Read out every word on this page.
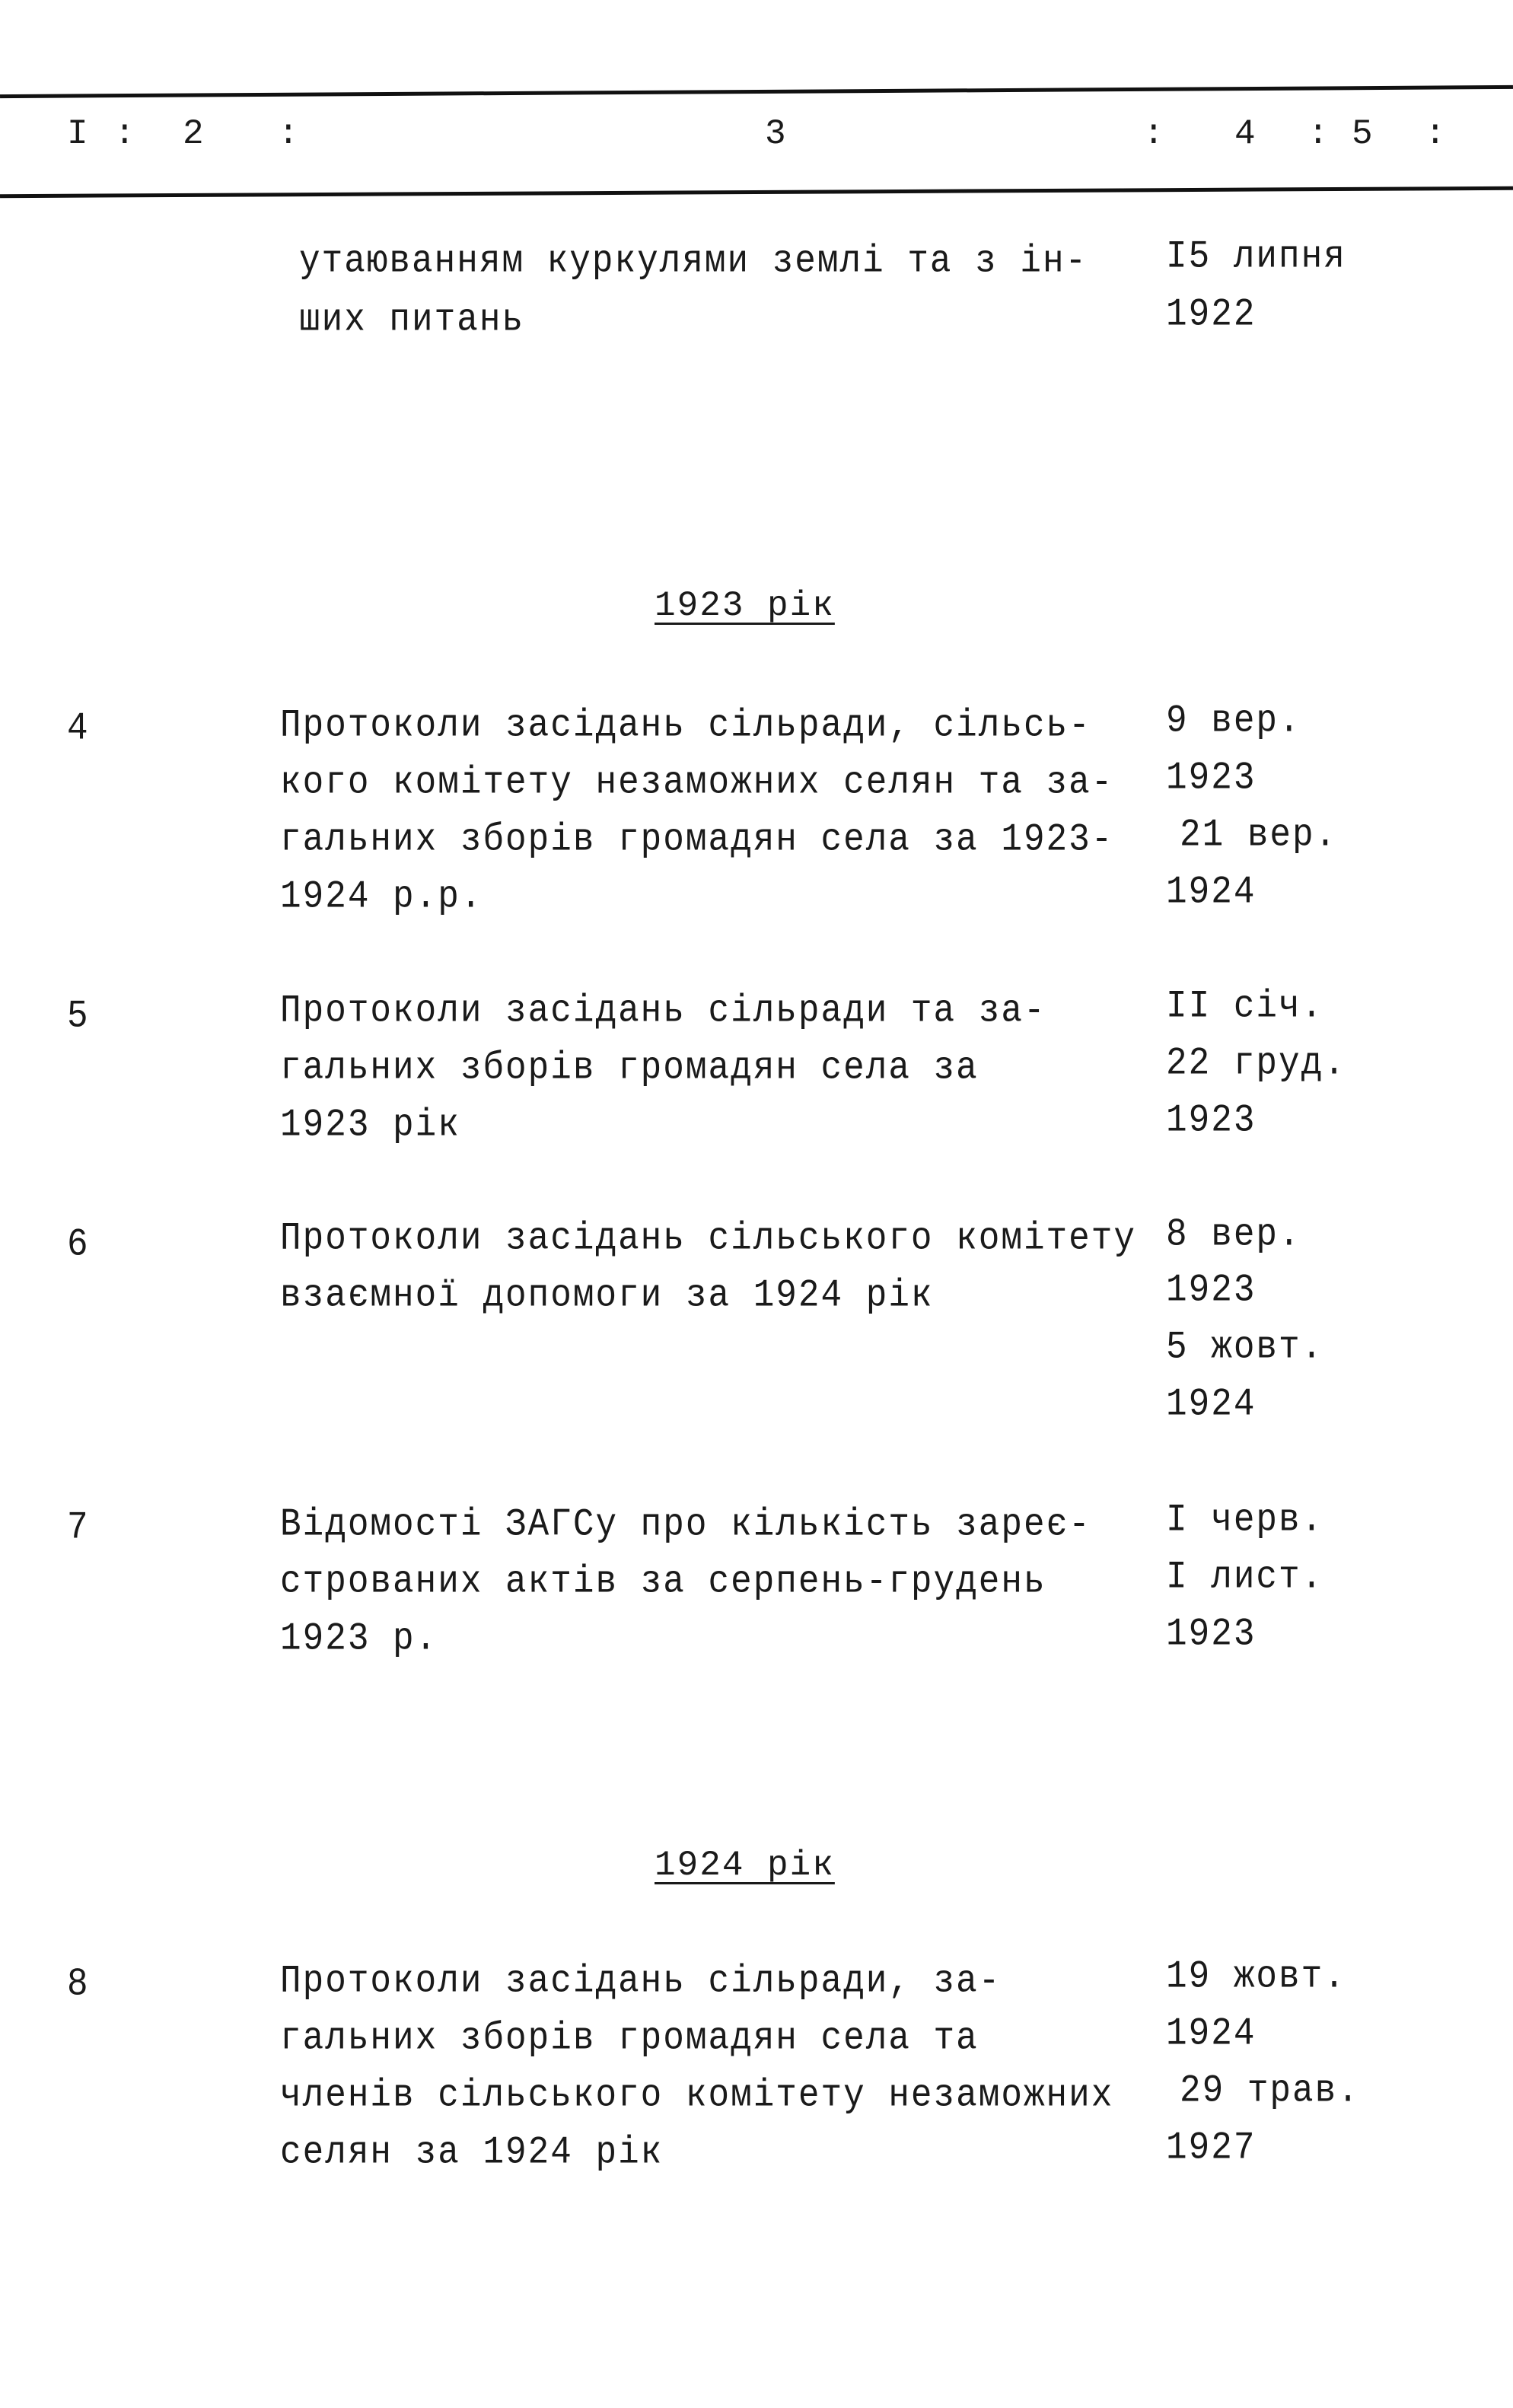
I : 2 :	3	: 4 : 5 :
утаюванням куркулями землі та з ін-
ших питань
I5 липня
1922
1923 рік
4	Протоколи засідань сільради, сільсь-
кого комітету незаможних селян та за-
гальних зборів громадян села за 1923-
1924 р.р.
9 вер.
1923
21 вер.
1924
5	Протоколи засідань сільради та за-
гальних зборів громадян села за
1923 рік
II січ.
22 груд.
1923
6	Протоколи засідань сільського комітету
взаємної допомоги за 1924 рік
8 вер.
1923
5 жовт.
1924
7	Відомості ЗАГСу про кількість зареє-
строваних актів за серпень-грудень
1923 р.
I черв.
I лист.
1923
1924 рік
8	Протоколи засідань сільради, за-
гальних зборів громадян села та
членів сільського комітету незаможних
селян за 1924 рік
19 жовт.
1924
29 трав.
1927
